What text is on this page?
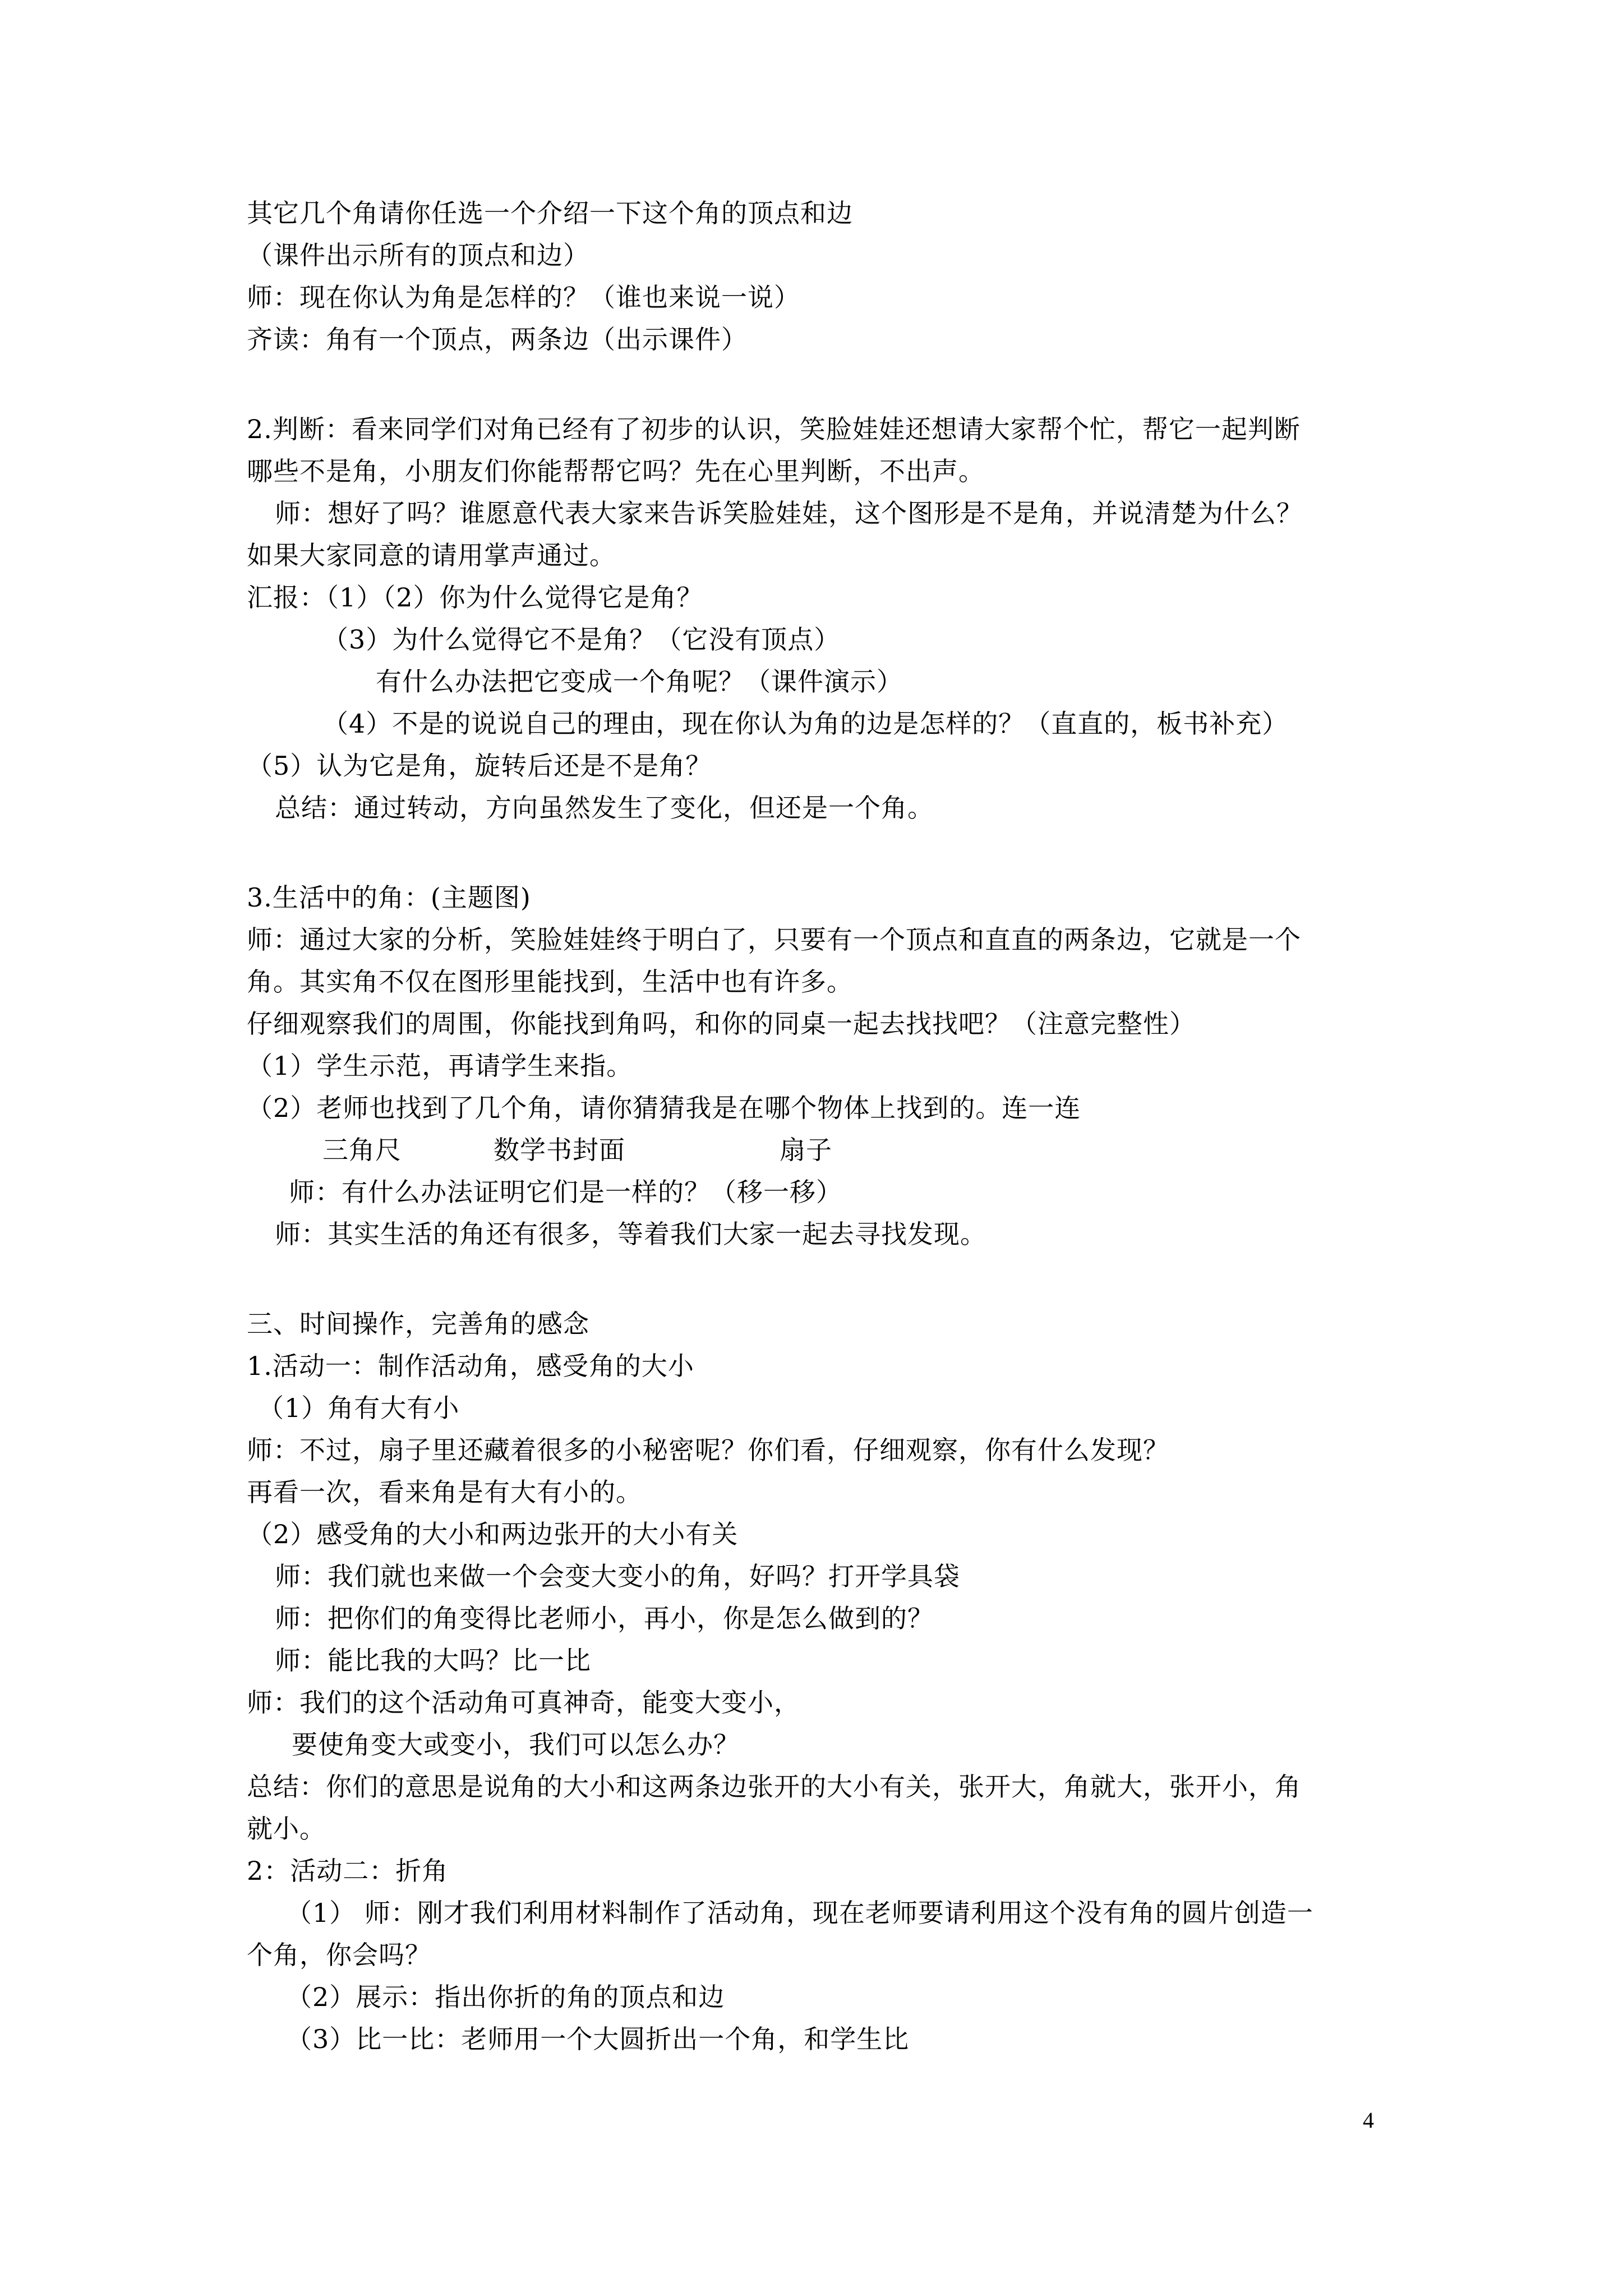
其它几个角请你任选一个介绍一下这个角的顶点和边
（课件出示所有的顶点和边）
师：现在你认为角是怎样的？（谁也来说一说）
齐读：角有一个顶点，两条边（出示课件）
2.判断：看来同学们对角已经有了初步的认识，笑脸娃娃还想请大家帮个忙，帮它一起判断
哪些不是角，小朋友们你能帮帮它吗？先在心里判断，不出声。
师：想好了吗？谁愿意代表大家来告诉笑脸娃娃，这个图形是不是角，并说清楚为什么？
如果大家同意的请用掌声通过。
汇报：（1）（2）你为什么觉得它是角？
（3）为什么觉得它不是角？（它没有顶点）
有什么办法把它变成一个角呢？（课件演示）
（4）不是的说说自己的理由，现在你认为角的边是怎样的？（直直的，板书补充）
（5）认为它是角，旋转后还是不是角？
总结：通过转动，方向虽然发生了变化，但还是一个角。
3.生活中的角：(主题图)
师：通过大家的分析，笑脸娃娃终于明白了，只要有一个顶点和直直的两条边，它就是一个
角。其实角不仅在图形里能找到，生活中也有许多。
仔细观察我们的周围，你能找到角吗，和你的同桌一起去找找吧？（注意完整性）
（1）学生示范，再请学生来指。
（2）老师也找到了几个角，请你猜猜我是在哪个物体上找到的。连一连
三角尺	数学书封面	扇子
师：有什么办法证明它们是一样的？（移一移）
师：其实生活的角还有很多，等着我们大家一起去寻找发现。
三、时间操作，完善角的感念
1.活动一：制作活动角，感受角的大小
（1）角有大有小
师：不过，扇子里还藏着很多的小秘密呢？你们看，仔细观察，你有什么发现？
再看一次，看来角是有大有小的。
（2）感受角的大小和两边张开的大小有关
师：我们就也来做一个会变大变小的角，好吗？打开学具袋
师：把你们的角变得比老师小，再小，你是怎么做到的？
师：能比我的大吗？比一比
师：我们的这个活动角可真神奇，能变大变小，
要使角变大或变小，我们可以怎么办？
总结：你们的意思是说角的大小和这两条边张开的大小有关，张开大，角就大，张开小，角
就小。
2：活动二：折角
（1） 师：刚才我们利用材料制作了活动角，现在老师要请利用这个没有角的圆片创造一
个角，你会吗？
（2）展示：指出你折的角的顶点和边
（3）比一比：老师用一个大圆折出一个角，和学生比
4
